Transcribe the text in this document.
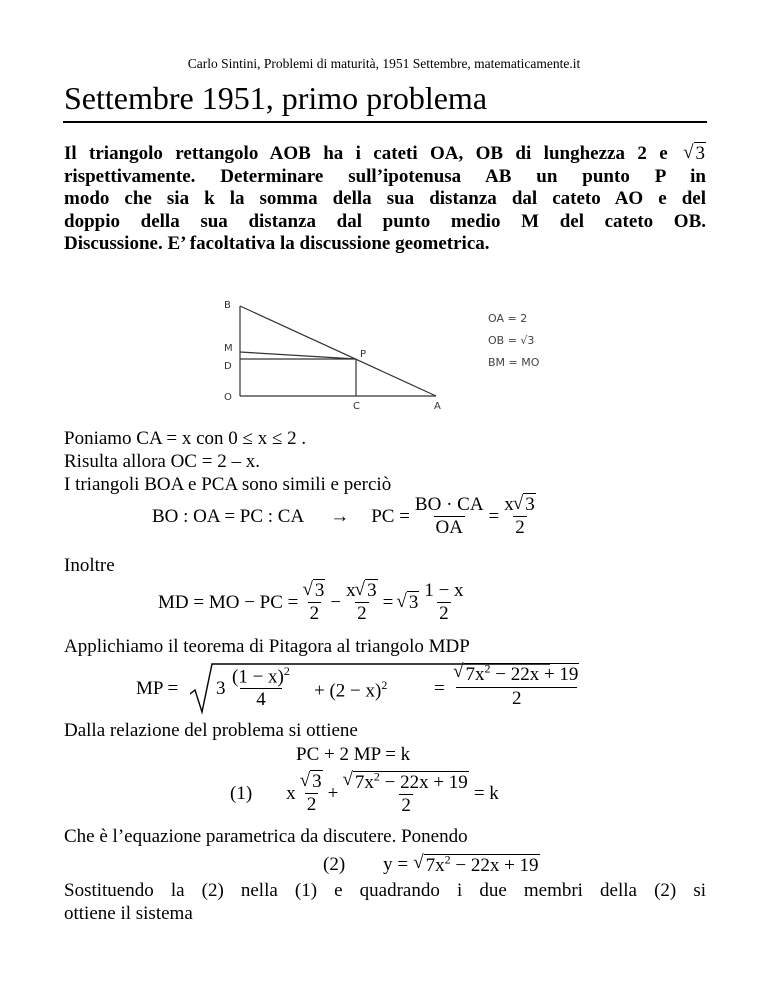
Carlo Sintini, Problemi di maturità, 1951 Settembre, matematicamente.it
Settembre 1951, primo problema
Il triangolo rettangolo AOB ha i cateti OA, OB di lunghezza 2 e √ 3
rispettivamente. Determinare sull’ipotenusa AB un punto P in
modo che sia k la somma della sua distanza dal cateto AO e del
doppio della sua distanza dal punto medio M del cateto OB.
Discussione. E’ facoltativa la discussione geometrica.
B
M
D
O
P
C	A
OA = 2
OB = √3
BM = MO
Poniamo CA = x con 0 ≤ x ≤ 2 .
Risulta allora OC = 2 – x.
I triangoli BOA e PCA sono simili e perciò
BO : OA = PC : CA → PC = $\frac{BO \cdot CA}{OA} = \frac{x √ 3}{2}$
Inoltre
MD = MO − PC = √ $\frac{3}{2} - \frac{x √ 3}{2}$ = √ $3 \frac{1 - x}{2}$
Applichiamo il teorema di Pitagora al triangolo MDP
MP = 3
$(1 - x)^2$
4	+ $(2 - x)^2$ =
√ $7x^2 - 22x + 19$
2
Dalla relazione del problema si ottiene
PC + 2 MP = k
(1) x √ $\frac{3}{2}$ + √ $\frac{7x^2 - 22x + 19}{2} = k$
Che è l’equazione parametrica da discutere. Ponendo
(2) y = √ $7x^2 - 22x + 19$
Sostituendo la (2) nella (1) e quadrando i due membri della (2) si
ottiene il sistema
